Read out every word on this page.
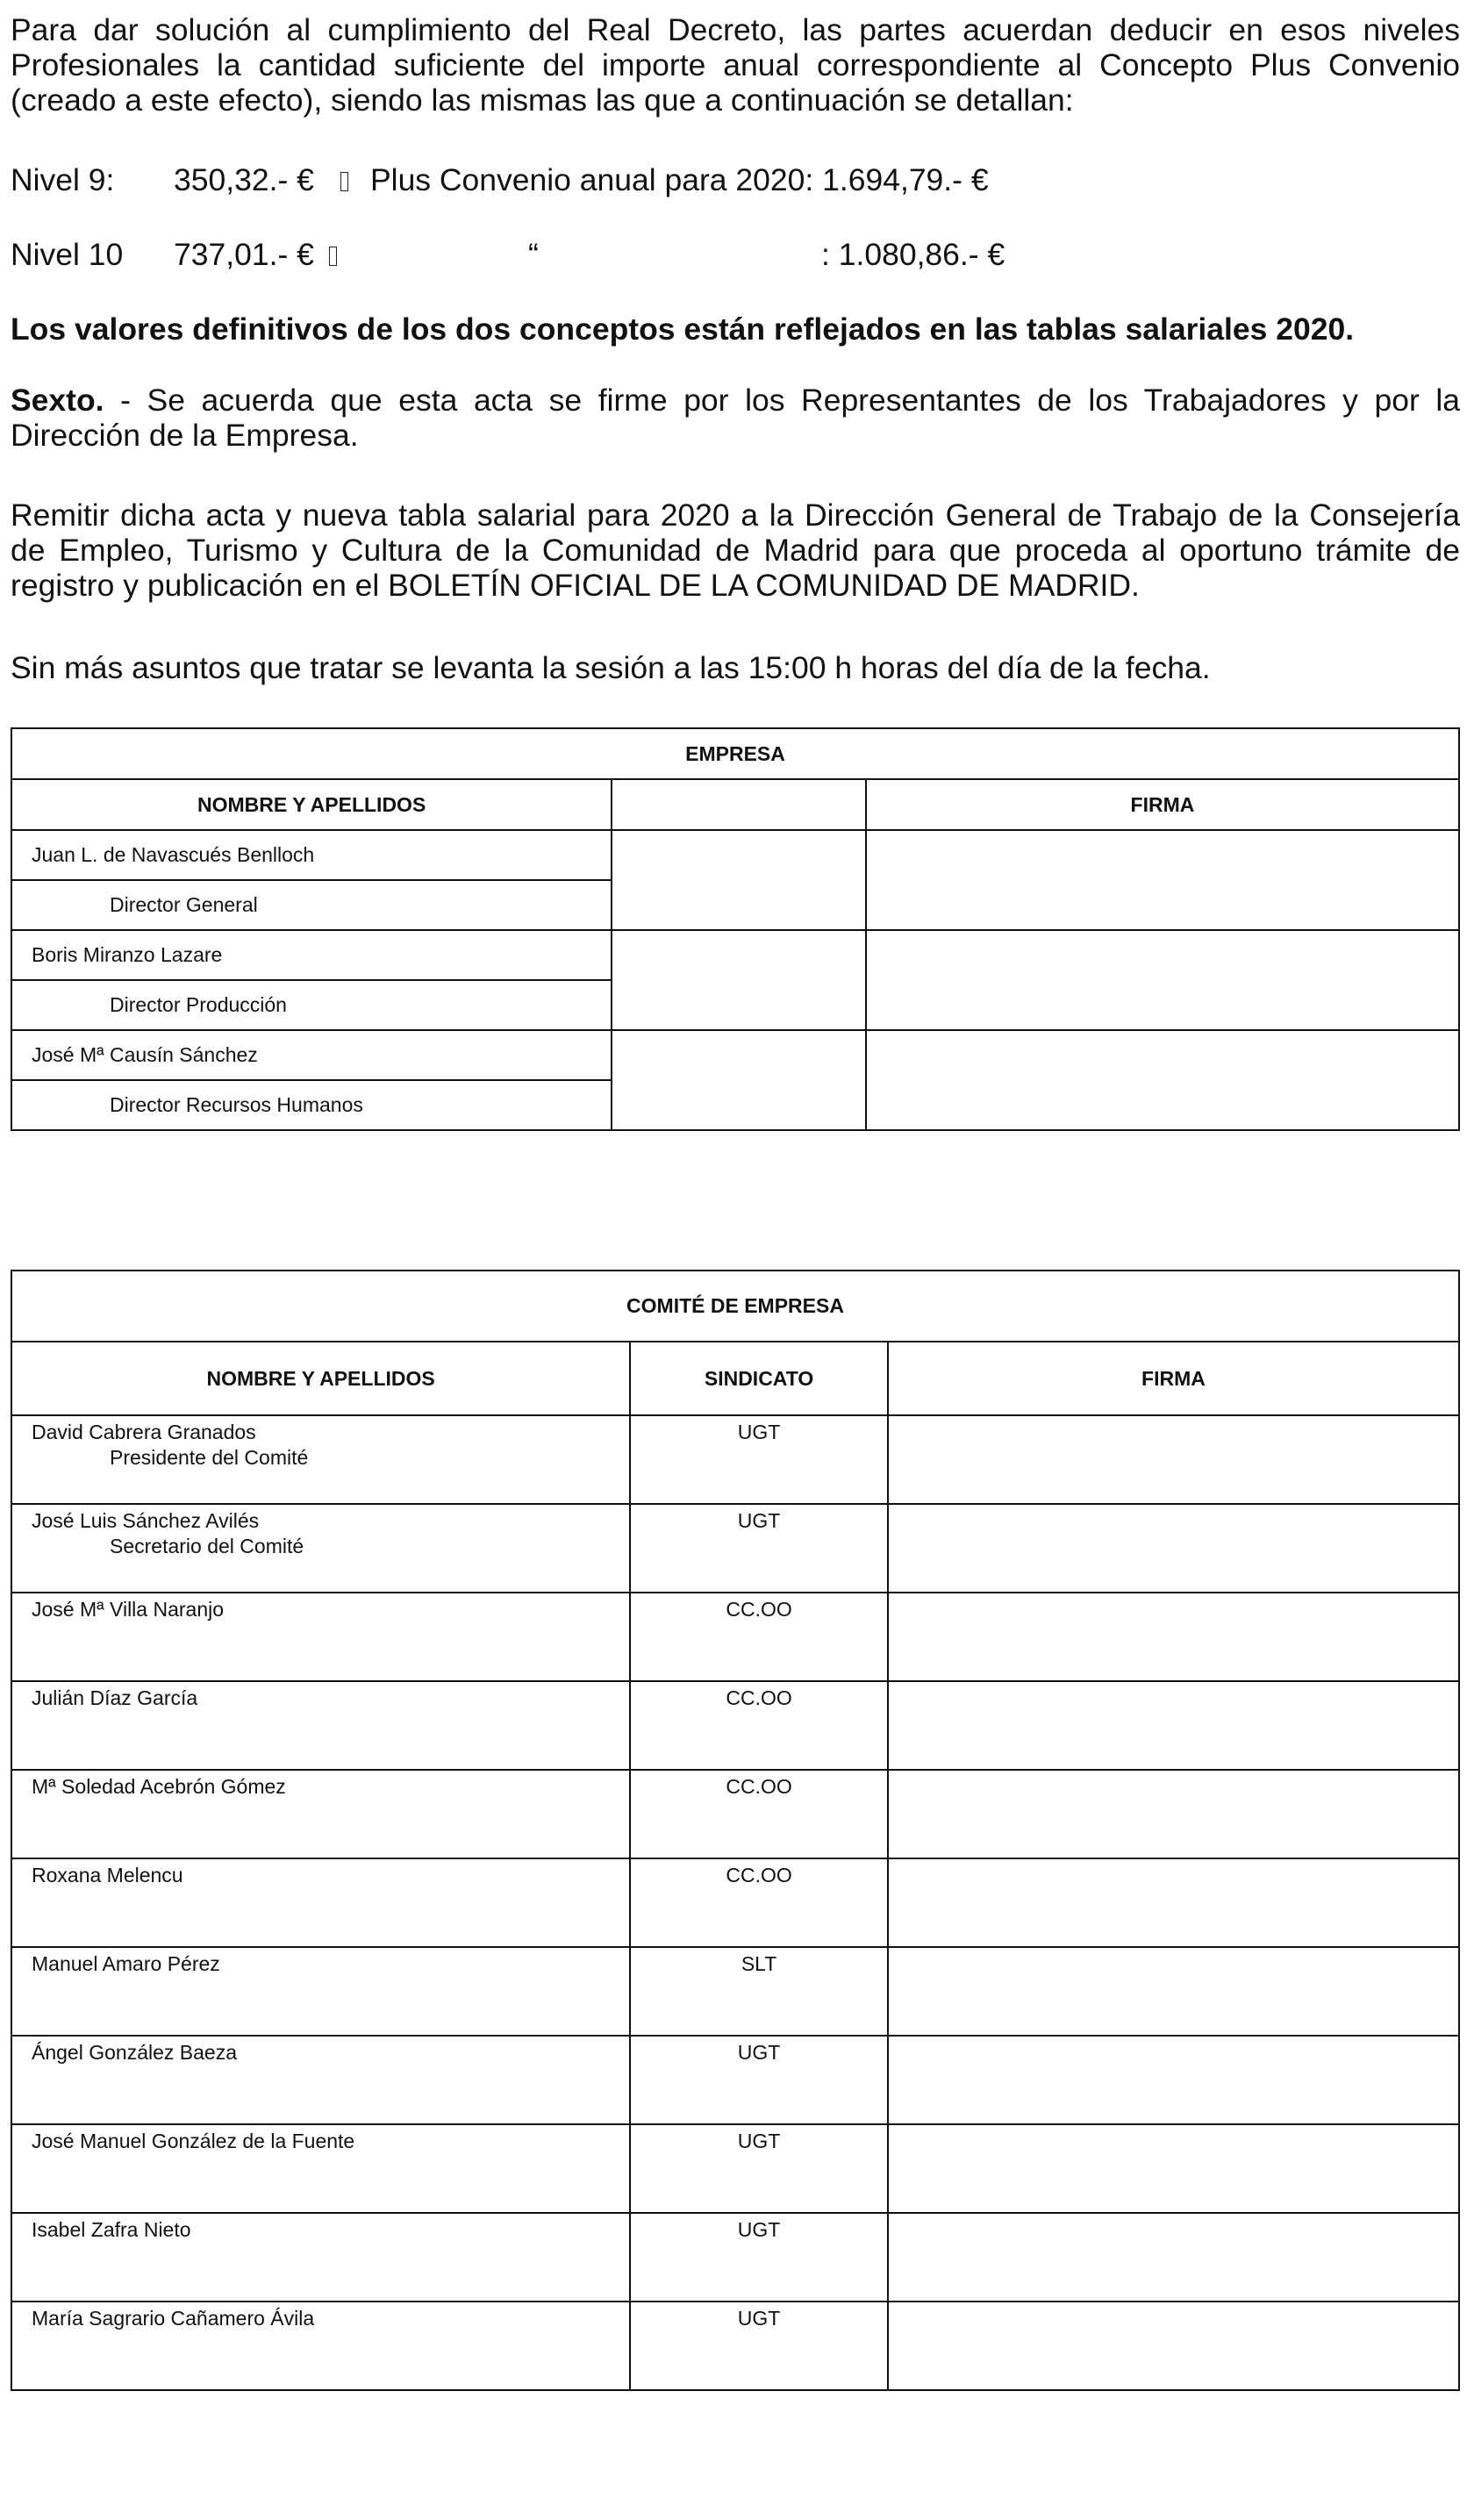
Para dar solución al cumplimiento del Real Decreto, las partes acuerdan deducir en esos niveles
Profesionales la cantidad suficiente del importe anual correspondiente al Concepto Plus Convenio
(creado a este efecto), siendo las mismas las que a continuación se detallan:

Nivel 9: 350,32.- € Plus Convenio anual para 2020: 1.694,79.- €
Nivel 10 737,01.- €	“	: 1.080,86.- €
Los valores definitivos de los dos conceptos están reflejados en las tablas salariales 2020.

Sexto. - Se acuerda que esta acta se firme por los Representantes de los Trabajadores y por la
Dirección de la Empresa.

Remitir dicha acta y nueva tabla salarial para 2020 a la Dirección General de Trabajo de la Consejería
de Empleo, Turismo y Cultura de la Comunidad de Madrid para que proceda al oportuno trámite de
registro y publicación en el BOLETÍN OFICIAL DE LA COMUNIDAD DE MADRID.

Sin más asuntos que tratar se levanta la sesión a las 15:00 h horas del día de la fecha.

EMPRESA		
NOMBRE Y APELLIDOS		FIRMA
Juan L. de Navascués Benlloch		
Director General		
Boris Miranzo Lazare		
Director Producción		
José Mª Causín Sánchez		
Director Recursos Humanos		
COMITÉ DE EMPRESA		
NOMBRE Y APELLIDOS	SINDICATO	FIRMA
David Cabrera Granados
Presidente del Comité	UGT	
José Luis Sánchez Avilés
Secretario del Comité	UGT	
José Mª Villa Naranjo	CC.OO	
Julián Díaz García	CC.OO	
Mª Soledad Acebrón Gómez	CC.OO	
Roxana Melencu	CC.OO	
Manuel Amaro Pérez	SLT	
Ángel González Baeza	UGT	
José Manuel González de la Fuente	UGT	
Isabel Zafra Nieto	UGT	
María Sagrario Cañamero Ávila	UGT	
